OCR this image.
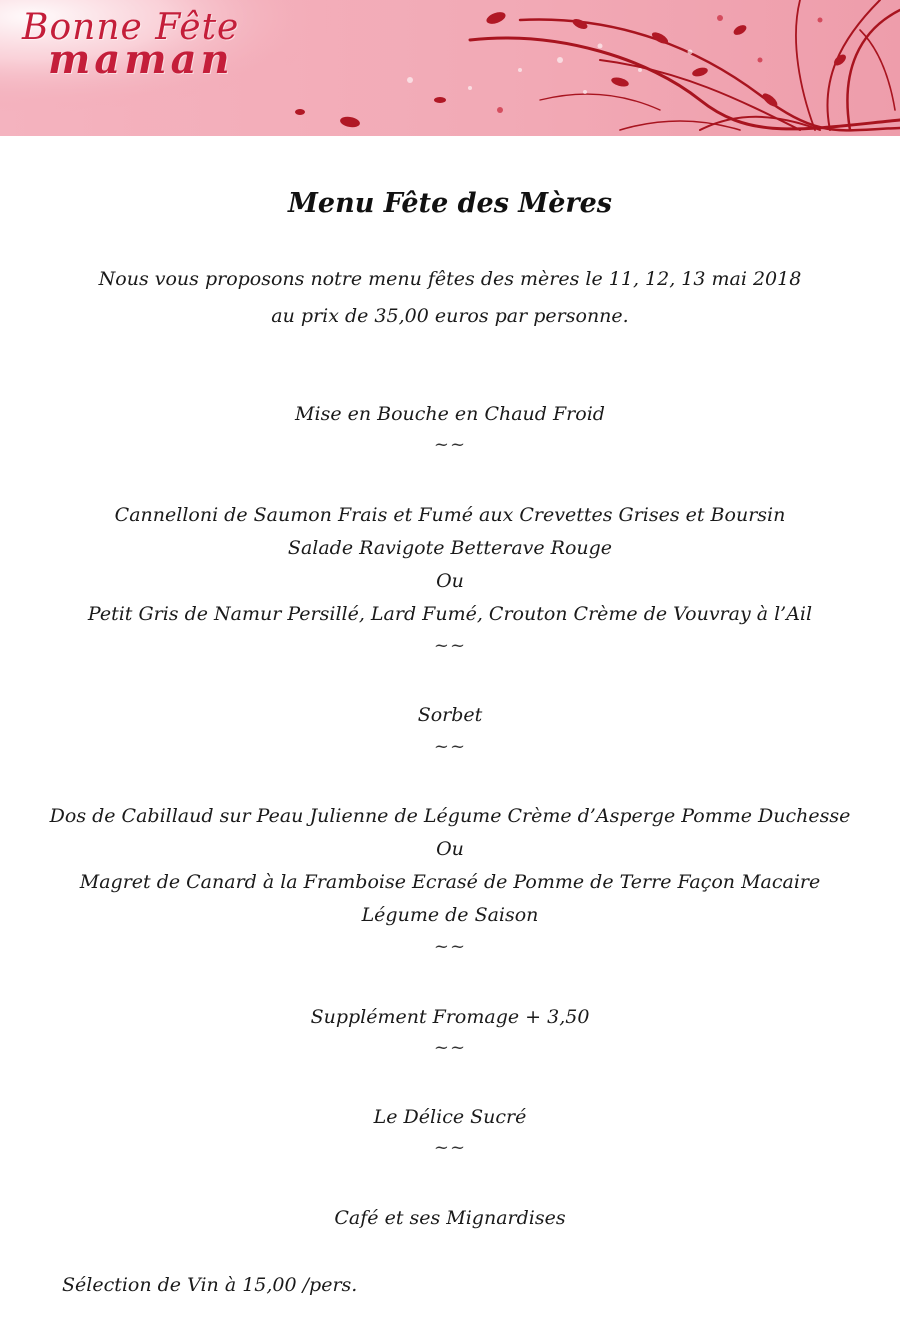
Bonne Fête
maman
Menu Fête des Mères
Nous vous proposons notre menu fêtes des mères le 11, 12, 13 mai 2018
au prix de 35,00 euros par personne.
Mise en Bouche en Chaud Froid
~~
Cannelloni de Saumon Frais et Fumé aux Crevettes Grises et Boursin
Salade Ravigote Betterave Rouge
Ou
Petit Gris de Namur Persillé, Lard Fumé, Crouton Crème de Vouvray à l’Ail
~~
Sorbet
~~
Dos de Cabillaud sur Peau Julienne de Légume Crème d’Asperge Pomme Duchesse
Ou
Magret de Canard à la Framboise Ecrasé de Pomme de Terre Façon Macaire
Légume de Saison
~~
Supplément Fromage + 3,50
~~
Le Délice Sucré
~~
Café et ses Mignardises
Sélection de Vin à 15,00 /pers.
